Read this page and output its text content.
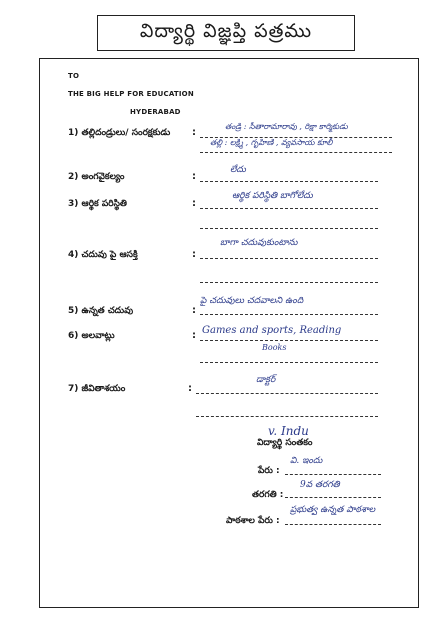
విద్యార్థి విజ్ఞప్తి పత్రము
TO
THE BIG HELP FOR EDUCATION
HYDERABAD
1) తల్లిదండ్రులు/ సంరక్షకుడు :
తండ్రి : సీతారామారావు , రిక్షా కార్మికుడు
తల్లి : లక్ష్మి , గృహిణి , వ్యవసాయ కూలీ
2) అంగవైకల్యం	:
లేదు
3) ఆర్థిక పరిస్థితి	:
ఆర్థిక పరిస్థితి బాగోలేదు
4) చదువు పై ఆసక్తి	:
బాగా చదువుకుంటాను
5) ఉన్నత చదువు	:
పై చదువులు చదవాలని ఉంది
6) అలవాట్లు	: Games and sports, Reading
Books
7) జీవితాశయం	:
డాక్టర్
v. Indu
విద్యార్థి సంతకం
పేరు :
వి. ఇందు
తరగతి :
9వ తరగతి
పాఠశాల పేరు :
ప్రభుత్వ ఉన్నత పాఠశాల
